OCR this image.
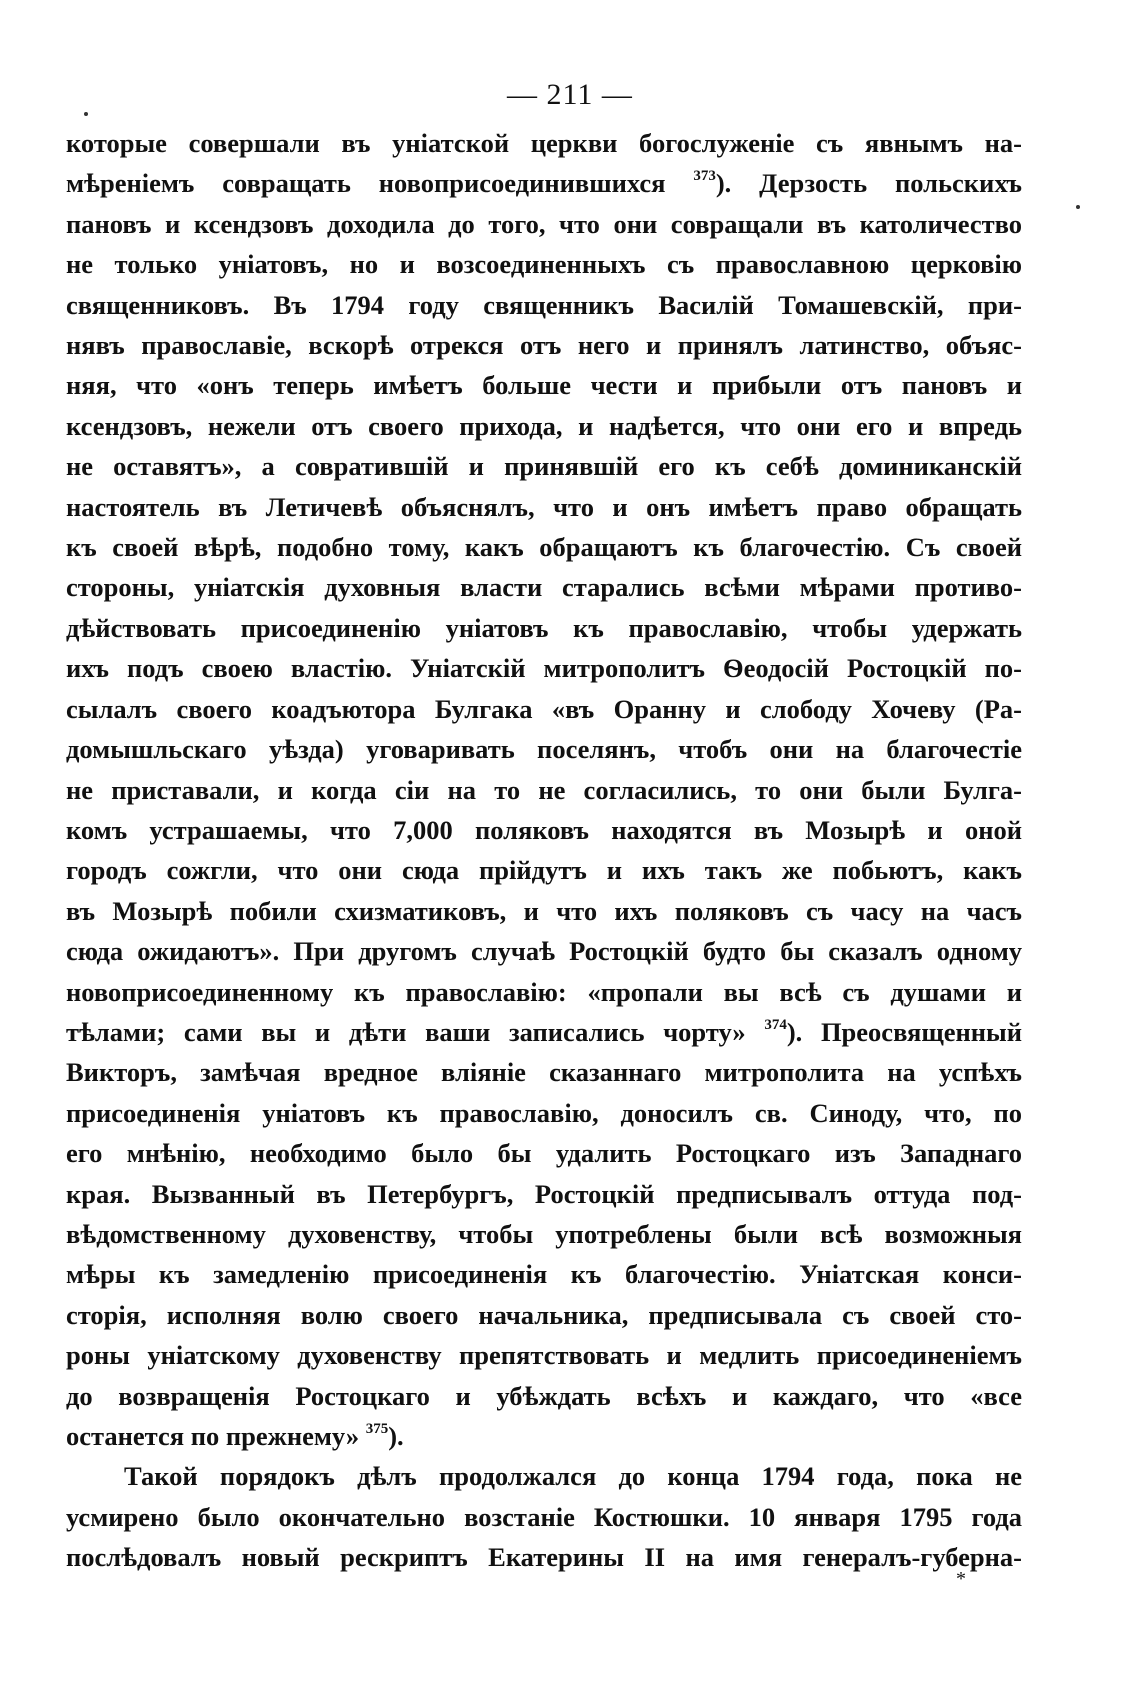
— 211 —
которые совершали въ уніатской церкви богослуженіе съ явнымъ на-
мѣреніемъ совращать новоприсоединившихся $^{373}$). Дерзость польскихъ
пановъ и ксендзовъ доходила до того, что они совращали въ католичество
не только уніатовъ, но и возсоединенныхъ съ православною церковію
священниковъ. Въ 1794 году священникъ Василій Томашевскій, при-
нявъ православіе, вскорѣ отрекся отъ него и принялъ латинство, объяс-
няя, что «онъ теперь имѣетъ больше чести и прибыли отъ пановъ и
ксендзовъ, нежели отъ своего прихода, и надѣется, что они его и впредь
не оставятъ», а совратившій и принявшій его къ себѣ доминиканскій
настоятель въ Летичевѣ объяснялъ, что и онъ имѣетъ право обращать
къ своей вѣрѣ, подобно тому, какъ обращаютъ къ благочестію. Съ своей
стороны, уніатскія духовныя власти старались всѣми мѣрами противо-
дѣйствовать присоединенію уніатовъ къ православію, чтобы удержать
ихъ подъ своею властію. Уніатскій митрополитъ Ѳеодосій Ростоцкій по-
сылалъ своего коадъютора Булгака «въ Оранну и слободу Хочеву (Ра-
домышльскаго уѣзда) уговаривать поселянъ, чтобъ они на благочестіе
не приставали, и когда сіи на то не согласились, то они были Булга-
комъ устрашаемы, что 7,000 поляковъ находятся въ Мозырѣ и оной
городъ сожгли, что они сюда прійдутъ и ихъ такъ же побьютъ, какъ
въ Мозырѣ побили схизматиковъ, и что ихъ поляковъ съ часу на часъ
сюда ожидаютъ». При другомъ случаѣ Ростоцкій будто бы сказалъ одному
новоприсоединенному къ православію: «пропали вы всѣ съ душами и
тѣлами; сами вы и дѣти ваши записались чорту» $^{374}$). Преосвященный
Викторъ, замѣчая вредное вліяніе сказаннаго митрополита на успѣхъ
присоединенія уніатовъ къ православію, доносилъ св. Синоду, что, по
его мнѣнію, необходимо было бы удалить Ростоцкаго изъ Западнаго
края. Вызванный въ Петербургъ, Ростоцкій предписывалъ оттуда под-
вѣдомственному духовенству, чтобы употреблены были всѣ возможныя
мѣры къ замедленію присоединенія къ благочестію. Уніатская конси-
сторія, исполняя волю своего начальника, предписывала съ своей сто-
роны уніатскому духовенству препятствовать и медлить присоединеніемъ
до возвращенія Ростоцкаго и убѣждать всѣхъ и каждаго, что «все
останется по прежнему» $^{375}$).
Такой порядокъ дѣлъ продолжался до конца 1794 года, пока не
усмирено было окончательно возстаніе Костюшки. 10 января 1795 года
послѣдовалъ новый рескриптъ Екатерины II на имя генералъ-губерна-
*
